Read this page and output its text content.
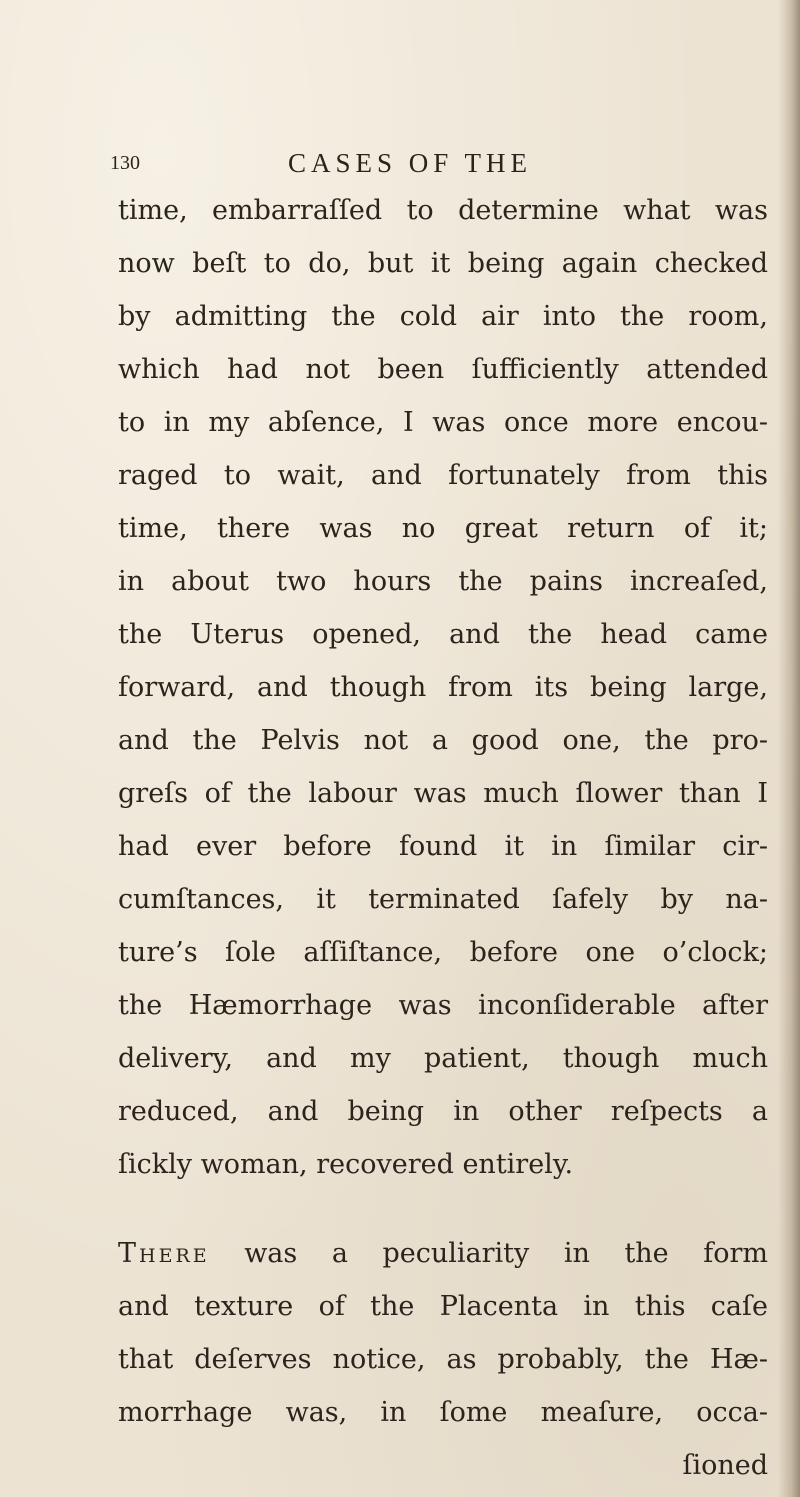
130	CASES OF THE
time, embarraſſed to determine what was
now beſt to do, but it being again checked
by admitting the cold air into the room,
which had not been ſufficiently attended
to in my abſence, I was once more encou-
raged to wait, and fortunately from this
time, there was no great return of it;
in about two hours the pains increaſed,
the Uterus opened, and the head came
forward, and though from its being large,
and the Pelvis not a good one, the pro-
greſs of the labour was much ſlower than I
had ever before found it in ſimilar cir-
cumſtances, it terminated ſafely by na-
ture’s ſole aſſiſtance, before one o’clock;
the Hæmorrhage was inconſiderable after
delivery, and my patient, though much
reduced, and being in other reſpects a
ſickly woman, recovered entirely.
There was a peculiarity in the form
and texture of the Placenta in this caſe
that deſerves notice, as probably, the Hæ-
morrhage was, in ſome meaſure, occa-
ſioned
